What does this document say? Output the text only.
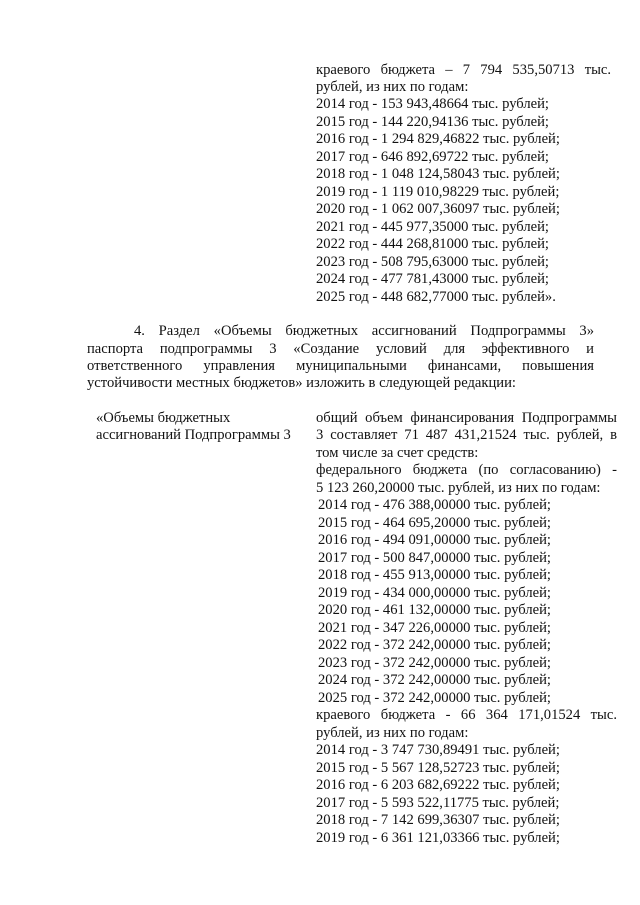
краевого бюджета – 7 794 535,50713 тыс.
рублей, из них по годам:
2014 год - 153 943,48664 тыс. рублей;
2015 год - 144 220,94136 тыс. рублей;
2016 год - 1 294 829,46822 тыс. рублей;
2017 год - 646 892,69722 тыс. рублей;
2018 год - 1 048 124,58043 тыс. рублей;
2019 год - 1 119 010,98229 тыс. рублей;
2020 год - 1 062 007,36097 тыс. рублей;
2021 год - 445 977,35000 тыс. рублей;
2022 год - 444 268,81000 тыс. рублей;
2023 год - 508 795,63000 тыс. рублей;
2024 год - 477 781,43000 тыс. рублей;
2025 год - 448 682,77000 тыс. рублей».
4. Раздел «Объемы бюджетных ассигнований Подпрограммы 3»
паспорта подпрограммы 3 «Создание условий для эффективного и
ответственного управления муниципальными финансами, повышения
устойчивости местных бюджетов» изложить в следующей редакции:
«Объемы бюджетных
ассигнований Подпрограммы 3
общий объем финансирования Подпрограммы
3 составляет 71 487 431,21524 тыс. рублей, в
том числе за счет средств:
федерального бюджета (по согласованию) -
5 123 260,20000 тыс. рублей, из них по годам:
2014 год - 476 388,00000 тыс. рублей;
2015 год - 464 695,20000 тыс. рублей;
2016 год - 494 091,00000 тыс. рублей;
2017 год - 500 847,00000 тыс. рублей;
2018 год - 455 913,00000 тыс. рублей;
2019 год - 434 000,00000 тыс. рублей;
2020 год - 461 132,00000 тыс. рублей;
2021 год - 347 226,00000 тыс. рублей;
2022 год - 372 242,00000 тыс. рублей;
2023 год - 372 242,00000 тыс. рублей;
2024 год - 372 242,00000 тыс. рублей;
2025 год - 372 242,00000 тыс. рублей;
краевого бюджета - 66 364 171,01524 тыс.
рублей, из них по годам:
2014 год - 3 747 730,89491 тыс. рублей;
2015 год - 5 567 128,52723 тыс. рублей;
2016 год - 6 203 682,69222 тыс. рублей;
2017 год - 5 593 522,11775 тыс. рублей;
2018 год - 7 142 699,36307 тыс. рублей;
2019 год - 6 361 121,03366 тыс. рублей;
